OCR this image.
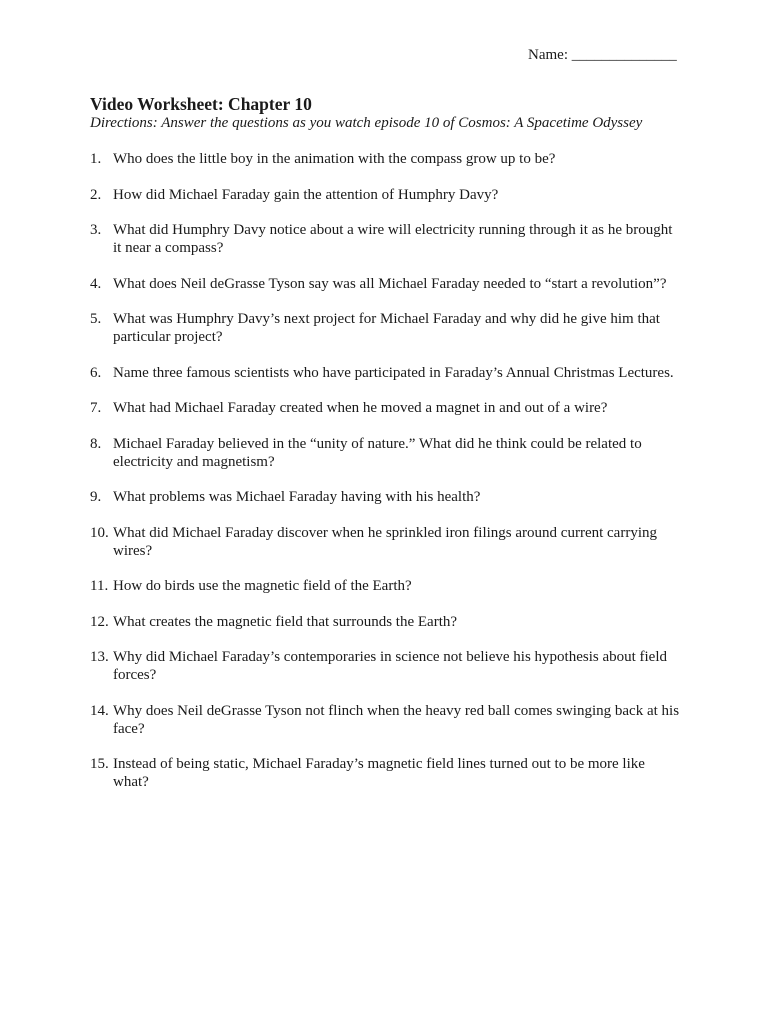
Name: ______________

Video Worksheet: Chapter 10

Directions: Answer the questions as you watch episode 10 of Cosmos: A Spacetime Odyssey

1. Who does the little boy in the animation with the compass grow up to be?
2. How did Michael Faraday gain the attention of Humphry Davy?
3. What did Humphry Davy notice about a wire will electricity running through it as he brought it near a compass?
4. What does Neil deGrasse Tyson say was all Michael Faraday needed to “start a revolution”?
5. What was Humphry Davy’s next project for Michael Faraday and why did he give him that particular project?
6. Name three famous scientists who have participated in Faraday’s Annual Christmas Lectures.
7. What had Michael Faraday created when he moved a magnet in and out of a wire?
8. Michael Faraday believed in the “unity of nature.” What did he think could be related to electricity and magnetism?
9. What problems was Michael Faraday having with his health?
10. What did Michael Faraday discover when he sprinkled iron filings around current carrying wires?
11. How do birds use the magnetic field of the Earth?
12. What creates the magnetic field that surrounds the Earth?
13. Why did Michael Faraday’s contemporaries in science not believe his hypothesis about field forces?
14. Why does Neil deGrasse Tyson not flinch when the heavy red ball comes swinging back at his face?
15. Instead of being static, Michael Faraday’s magnetic field lines turned out to be more like what?
